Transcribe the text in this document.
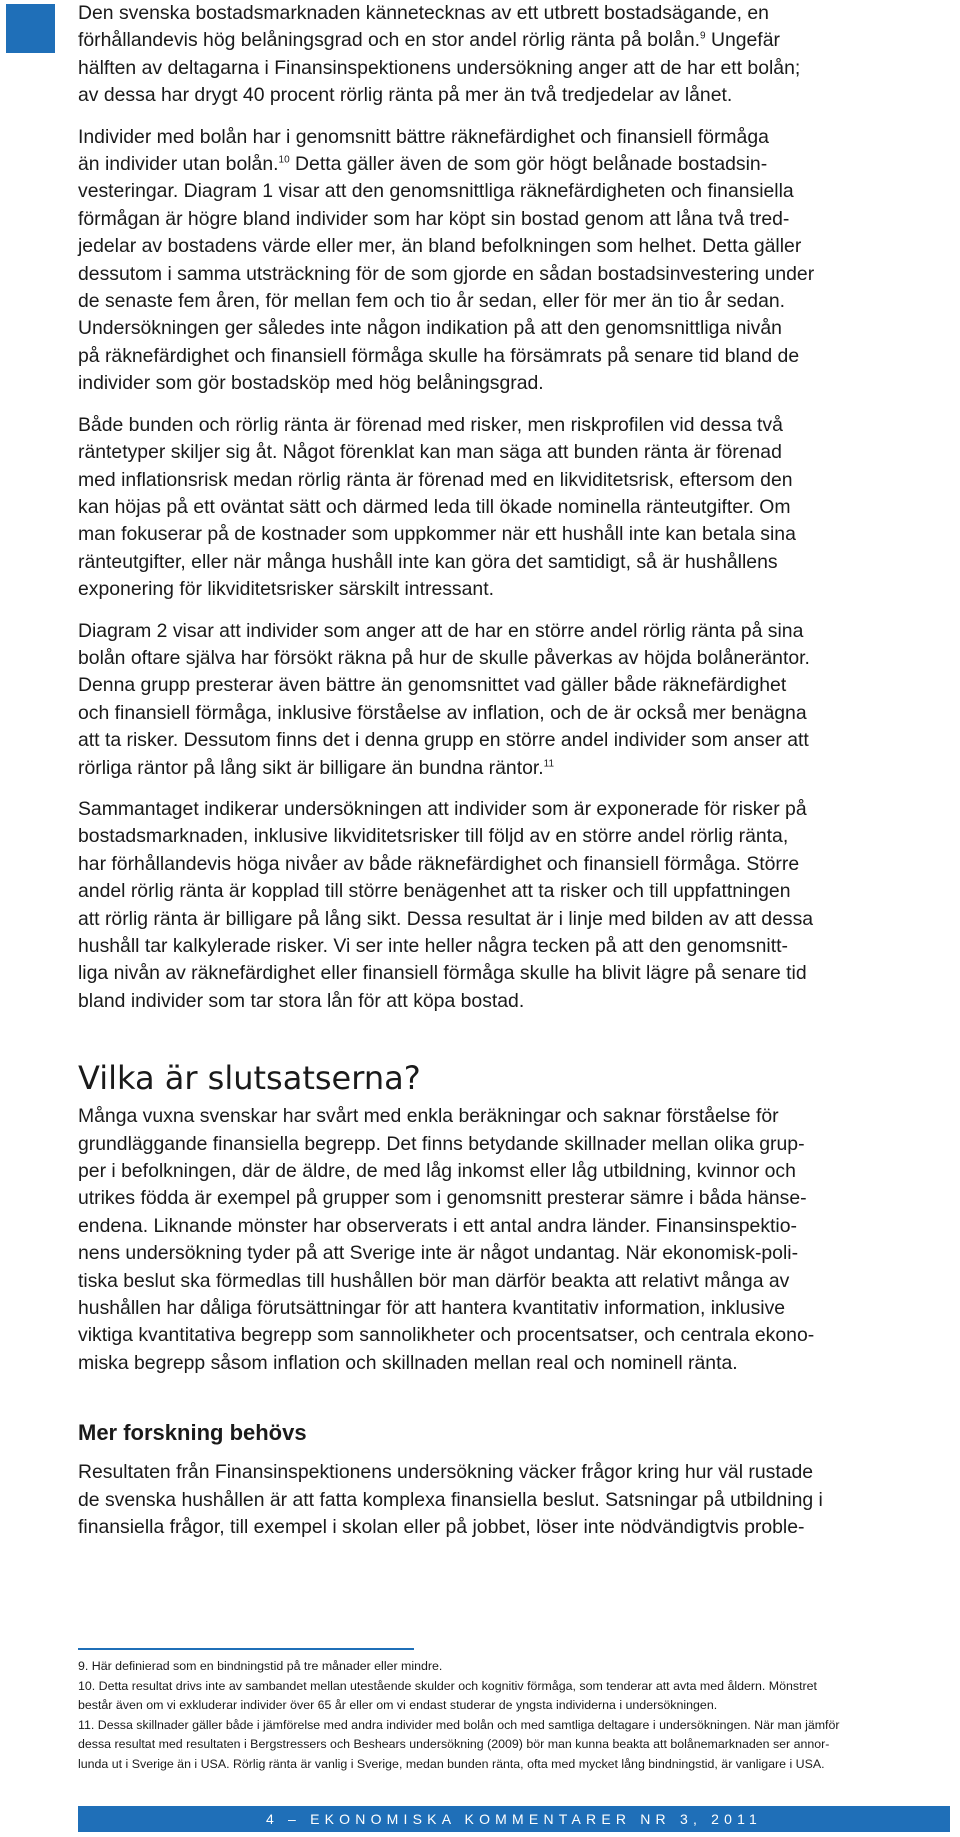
Den svenska bostadsmarknaden kännetecknas av ett utbrett bostadsägande, en

förhållandevis hög belåningsgrad och en stor andel rörlig ränta på bolån.$^9$ Ungefär

hälften av deltagarna i Finansinspektionens undersökning anger att de har ett bolån;

av dessa har drygt 40 procent rörlig ränta på mer än två tredjedelar av lånet.

Individer med bolån har i genomsnitt bättre räknefärdighet och finansiell förmåga

än individer utan bolån.$^{10}$ Detta gäller även de som gör högt belånade bostadsin-

vesteringar. Diagram 1 visar att den genomsnittliga räknefärdigheten och finansiella

förmågan är högre bland individer som har köpt sin bostad genom att låna två tred-

jedelar av bostadens värde eller mer, än bland befolkningen som helhet. Detta gäller

dessutom i samma utsträckning för de som gjorde en sådan bostadsinvestering under

de senaste fem åren, för mellan fem och tio år sedan, eller för mer än tio år sedan.

Undersökningen ger således inte någon indikation på att den genomsnittliga nivån

på räknefärdighet och finansiell förmåga skulle ha försämrats på senare tid bland de

individer som gör bostadsköp med hög belåningsgrad.

Både bunden och rörlig ränta är förenad med risker, men riskprofilen vid dessa två

räntetyper skiljer sig åt. Något förenklat kan man säga att bunden ränta är förenad

med inflationsrisk medan rörlig ränta är förenad med en likviditetsrisk, eftersom den

kan höjas på ett oväntat sätt och därmed leda till ökade nominella ränteutgifter. Om

man fokuserar på de kostnader som uppkommer när ett hushåll inte kan betala sina

ränteutgifter, eller när många hushåll inte kan göra det samtidigt, så är hushållens

exponering för likviditetsrisker särskilt intressant.

Diagram 2 visar att individer som anger att de har en större andel rörlig ränta på sina

bolån oftare själva har försökt räkna på hur de skulle påverkas av höjda bolåneräntor.

Denna grupp presterar även bättre än genomsnittet vad gäller både räknefärdighet

och finansiell förmåga, inklusive förståelse av inflation, och de är också mer benägna

att ta risker. Dessutom finns det i denna grupp en större andel individer som anser att

rörliga räntor på lång sikt är billigare än bundna räntor.$^{11}$

Sammantaget indikerar undersökningen att individer som är exponerade för risker på

bostadsmarknaden, inklusive likviditetsrisker till följd av en större andel rörlig ränta,

har förhållandevis höga nivåer av både räknefärdighet och finansiell förmåga. Större

andel rörlig ränta är kopplad till större benägenhet att ta risker och till uppfattningen

att rörlig ränta är billigare på lång sikt. Dessa resultat är i linje med bilden av att dessa

hushåll tar kalkylerade risker. Vi ser inte heller några tecken på att den genomsnitt-

liga nivån av räknefärdighet eller finansiell förmåga skulle ha blivit lägre på senare tid

bland individer som tar stora lån för att köpa bostad.

Vilka är slutsatserna?

Många vuxna svenskar har svårt med enkla beräkningar och saknar förståelse för

grundläggande finansiella begrepp. Det finns betydande skillnader mellan olika grup-

per i befolkningen, där de äldre, de med låg inkomst eller låg utbildning, kvinnor och

utrikes födda är exempel på grupper som i genomsnitt presterar sämre i båda hänse-

endena. Liknande mönster har observerats i ett antal andra länder. Finansinspektio-

nens undersökning tyder på att Sverige inte är något undantag. När ekonomisk-poli-

tiska beslut ska förmedlas till hushållen bör man därför beakta att relativt många av

hushållen har dåliga förutsättningar för att hantera kvantitativ information, inklusive

viktiga kvantitativa begrepp som sannolikheter och procentsatser, och centrala ekono-

miska begrepp såsom inflation och skillnaden mellan real och nominell ränta.

Mer forskning behövs

Resultaten från Finansinspektionens undersökning väcker frågor kring hur väl rustade

de svenska hushållen är att fatta komplexa finansiella beslut. Satsningar på utbildning i

finansiella frågor, till exempel i skolan eller på jobbet, löser inte nödvändigtvis proble-

9. Här definierad som en bindningstid på tre månader eller mindre.

10. Detta resultat drivs inte av sambandet mellan utestående skulder och kognitiv förmåga, som tenderar att avta med åldern. Mönstret

består även om vi exkluderar individer över 65 år eller om vi endast studerar de yngsta individerna i undersökningen.

11. Dessa skillnader gäller både i jämförelse med andra individer med bolån och med samtliga deltagare i undersökningen. När man jämför

dessa resultat med resultaten i Bergstressers och Beshears undersökning (2009) bör man kunna beakta att bolånemarknaden ser annor-

lunda ut i Sverige än i USA. Rörlig ränta är vanlig i Sverige, medan bunden ränta, ofta med mycket lång bindningstid, är vanligare i USA.

4 – EKONOMISKA KOMMENTARER NR 3, 2011
